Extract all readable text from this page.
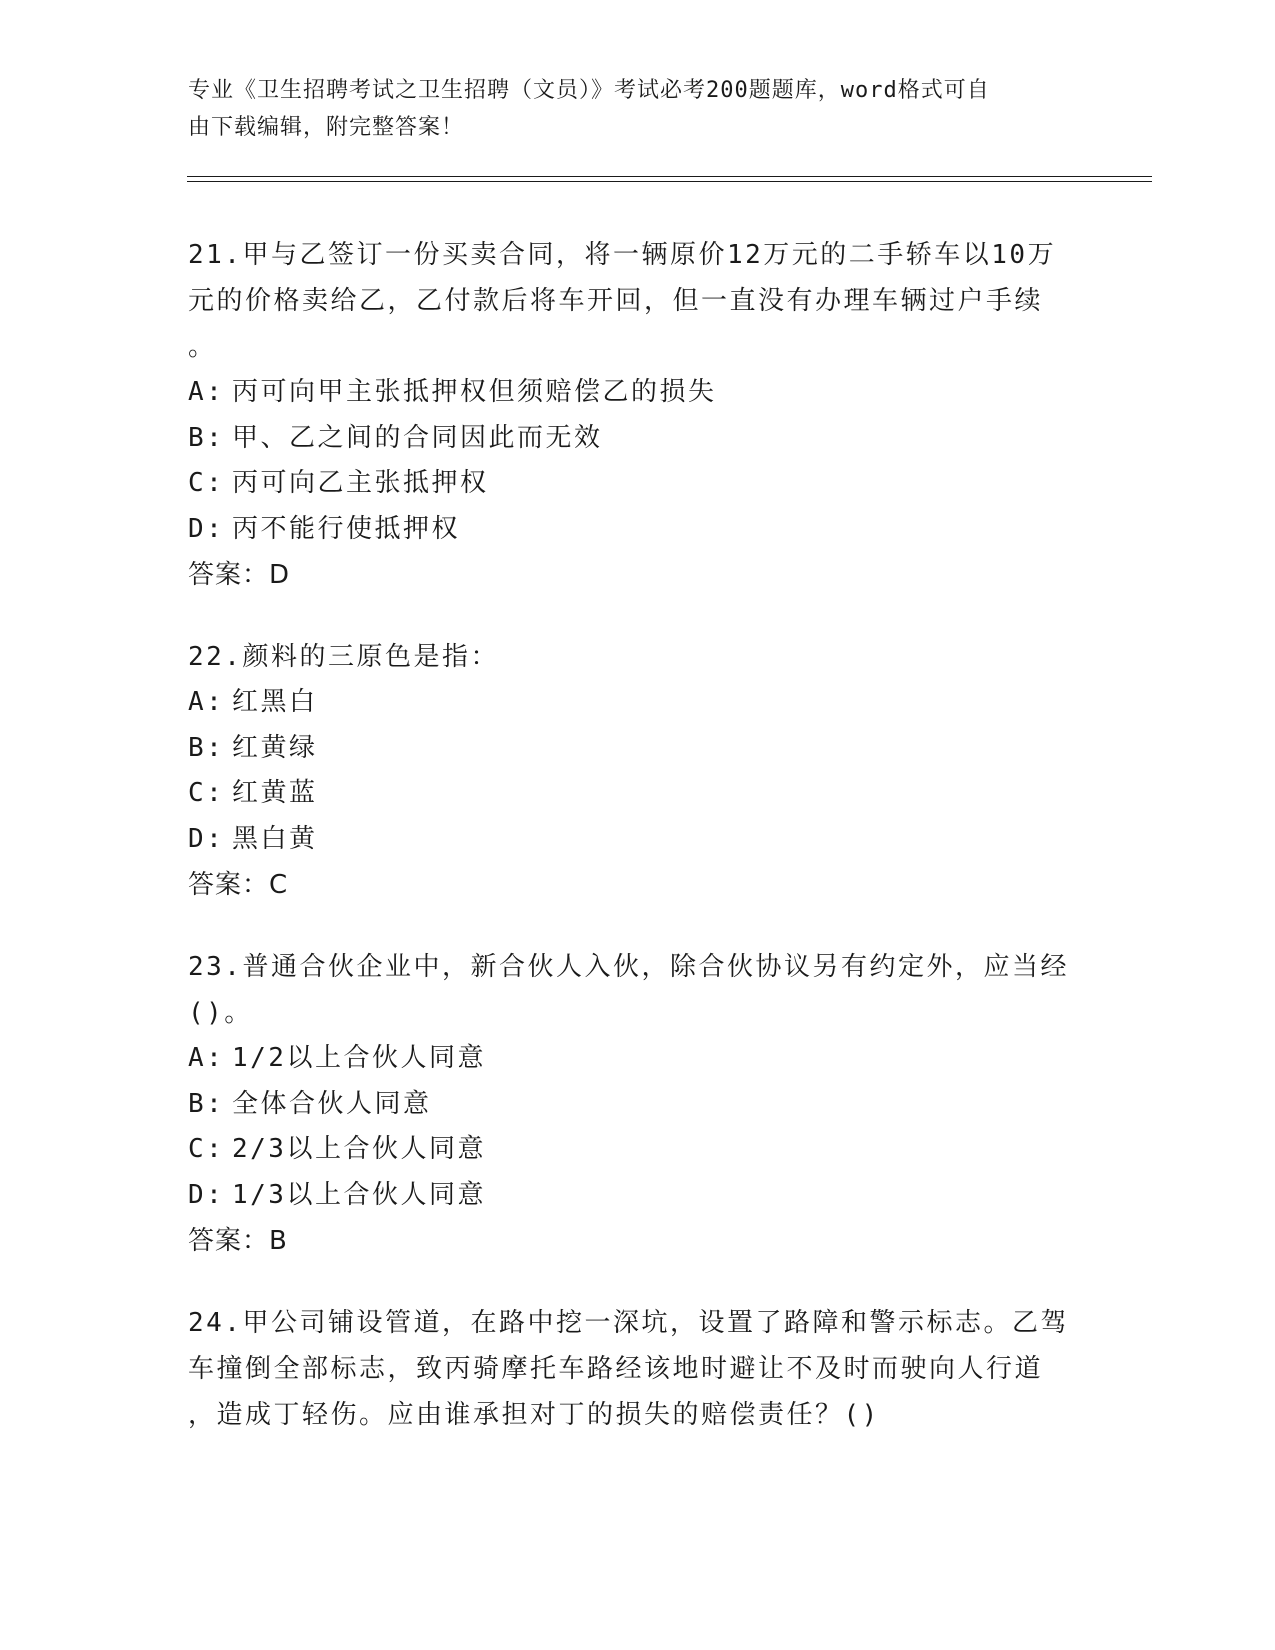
专业《卫生招聘考试之卫生招聘（文员）》考试必考200题题库，word格式可自
由下载编辑，附完整答案！
21.甲与乙签订一份买卖合同，将一辆原价12万元的二手轿车以10万
元的价格卖给乙，乙付款后将车开回，但一直没有办理车辆过户手续
。
A: 丙可向甲主张抵押权但须赔偿乙的损失
B: 甲、乙之间的合同因此而无效
C: 丙可向乙主张抵押权
D: 丙不能行使抵押权
答案：D
22.颜料的三原色是指：
A: 红黑白
B: 红黄绿
C: 红黄蓝
D: 黑白黄
答案：C
23.普通合伙企业中，新合伙人入伙，除合伙协议另有约定外，应当经
()。
A: 1/2以上合伙人同意
B: 全体合伙人同意
C: 2/3以上合伙人同意
D: 1/3以上合伙人同意
答案：B
24.甲公司铺设管道，在路中挖一深坑，设置了路障和警示标志。乙驾
车撞倒全部标志，致丙骑摩托车路经该地时避让不及时而驶向人行道
，造成丁轻伤。应由谁承担对丁的损失的赔偿责任？()
